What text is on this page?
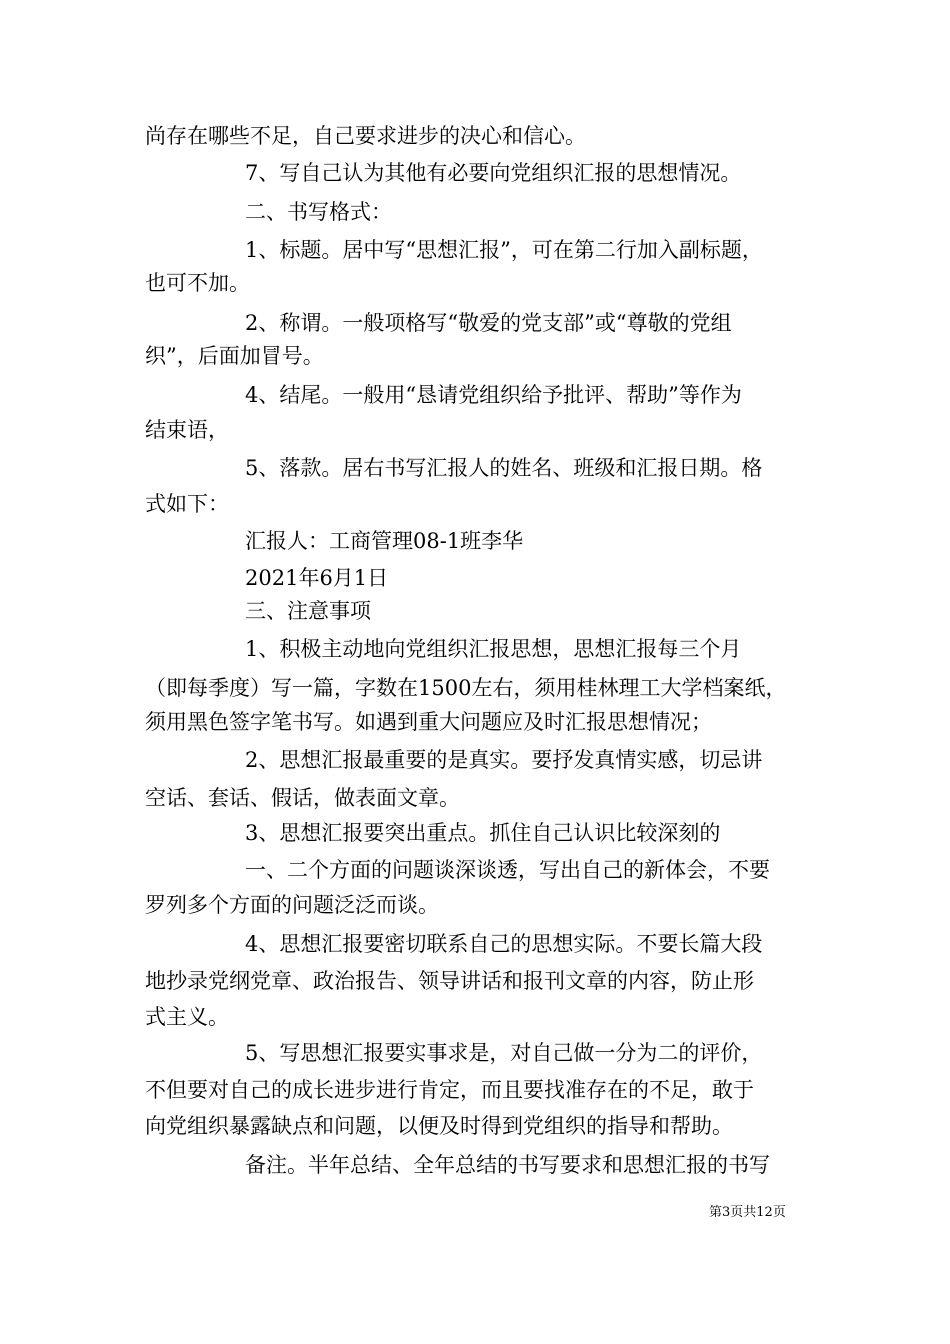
尚存在哪些不足，自己要求进步的决心和信心。
7、写自己认为其他有必要向党组织汇报的思想情况。
二、书写格式：
1、标题。居中写“思想汇报”，可在第二行加入副标题，
也可不加。
2、称谓。一般项格写“敬爱的党支部”或“尊敬的党组
织”，后面加冒号。
4、结尾。一般用“恳请党组织给予批评、帮助”等作为
结束语，
5、落款。居右书写汇报人的姓名、班级和汇报日期。格
式如下：
汇报人：工商管理08-1班李华
2021年6月1日
三、注意事项
1、积极主动地向党组织汇报思想，思想汇报每三个月
（即每季度）写一篇，字数在1500左右，须用桂林理工大学档案纸，
须用黑色签字笔书写。如遇到重大问题应及时汇报思想情况；
2、思想汇报最重要的是真实。要抒发真情实感，切忌讲
空话、套话、假话，做表面文章。
3、思想汇报要突出重点。抓住自己认识比较深刻的
一、二个方面的问题谈深谈透，写出自己的新体会，不要
罗列多个方面的问题泛泛而谈。
4、思想汇报要密切联系自己的思想实际。不要长篇大段
地抄录党纲党章、政治报告、领导讲话和报刊文章的内容，防止形
式主义。
5、写思想汇报要实事求是，对自己做一分为二的评价，
不但要对自己的成长进步进行肯定，而且要找准存在的不足，敢于
向党组织暴露缺点和问题，以便及时得到党组织的指导和帮助。
备注。半年总结、全年总结的书写要求和思想汇报的书写
第3页共12页
